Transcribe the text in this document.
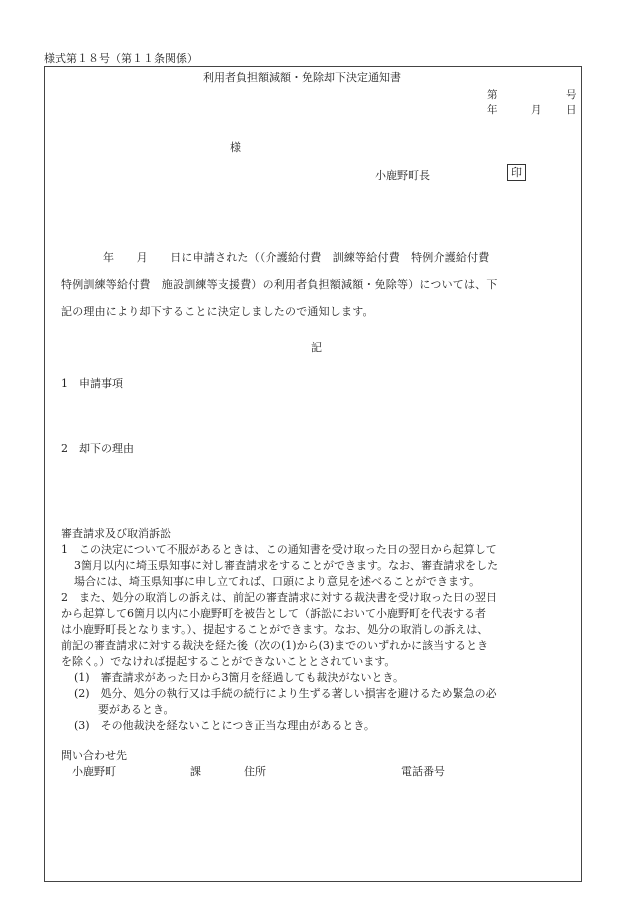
様式第１８号（第１１条関係）
利用者負担額減額・免除却下決定通知書
第	号
年	月 日
様
小鹿野町長	印
年　　月　　日に申請された（（介護給付費　訓練等給付費　特例介護給付費
特例訓練等給付費　施設訓練等支援費）の利用者負担額減額・免除等）については、下
記の理由により却下することに決定しましたので通知します。
記
1　申請事項
2　却下の理由
審査請求及び取消訴訟
1　この決定について不服があるときは、この通知書を受け取った日の翌日から起算して
3箇月以内に埼玉県知事に対し審査請求をすることができます。なお、審査請求をした
場合には、埼玉県知事に申し立てれば、口頭により意見を述べることができます。
2　また、処分の取消しの訴えは、前記の審査請求に対する裁決書を受け取った日の翌日
から起算して6箇月以内に小鹿野町を被告として（訴訟において小鹿野町を代表する者
は小鹿野町長となります。）、提起することができます。なお、処分の取消しの訴えは、
前記の審査請求に対する裁決を経た後（次の(1)から(3)までのいずれかに該当するとき
を除く。）でなければ提起することができないこととされています。
(1)　審査請求があった日から3箇月を経過しても裁決がないとき。
(2)　処分、処分の執行又は手続の続行により生ずる著しい損害を避けるため緊急の必
要があるとき。
(3)　その他裁決を経ないことにつき正当な理由があるとき。
問い合わせ先
小鹿野町	課	住所	電話番号
